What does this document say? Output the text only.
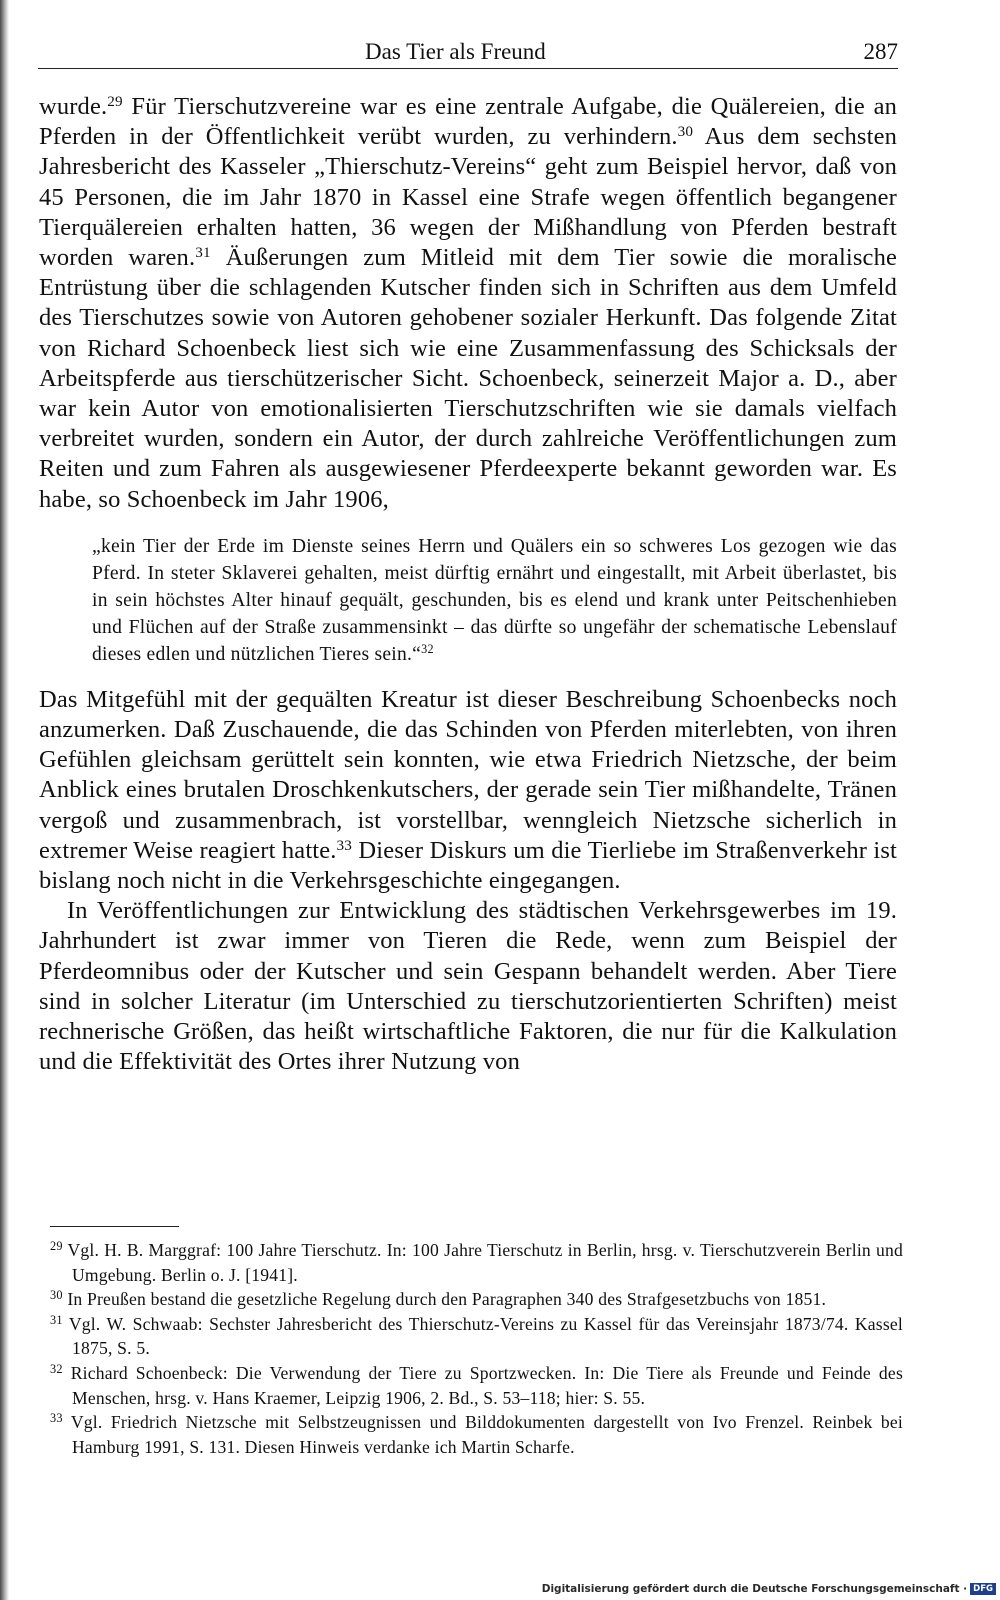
Das Tier als Freund	287

wurde.$^{29}$ Für Tierschutzvereine war es eine zentrale Aufgabe, die Quälereien, die an Pferden in der Öffentlichkeit verübt wurden, zu verhindern.$^{30}$ Aus dem sechsten Jahresbericht des Kasseler „Thierschutz-Vereins“ geht zum Beispiel hervor, daß von 45 Personen, die im Jahr 1870 in Kassel eine Strafe wegen öffentlich begangener Tierquälereien erhalten hatten, 36 wegen der Mißhandlung von Pferden bestraft worden waren.$^{31}$ Äußerungen zum Mitleid mit dem Tier sowie die moralische Entrüstung über die schlagenden Kutscher finden sich in Schriften aus dem Umfeld des Tierschutzes sowie von Autoren gehobener sozialer Herkunft. Das folgende Zitat von Richard Schoenbeck liest sich wie eine Zusammenfassung des Schicksals der Arbeitspferde aus tierschützerischer Sicht. Schoenbeck, seinerzeit Major a. D., aber war kein Autor von emotionalisierten Tierschutzschriften wie sie damals vielfach verbreitet wurden, sondern ein Autor, der durch zahlreiche Veröffentlichungen zum Reiten und zum Fahren als ausgewiesener Pferdeexperte bekannt geworden war. Es habe, so Schoenbeck im Jahr 1906,

„kein Tier der Erde im Dienste seines Herrn und Quälers ein so schweres Los gezogen wie das Pferd. In steter Sklaverei gehalten, meist dürftig ernährt und eingestallt, mit Arbeit überlastet, bis in sein höchstes Alter hinauf gequält, geschunden, bis es elend und krank unter Peitschenhieben und Flüchen auf der Straße zusammensinkt – das dürfte so ungefähr der schematische Lebenslauf dieses edlen und nützlichen Tieres sein.“$^{32}$

Das Mitgefühl mit der gequälten Kreatur ist dieser Beschreibung Schoenbecks noch anzumerken. Daß Zuschauende, die das Schinden von Pferden miterlebten, von ihren Gefühlen gleichsam gerüttelt sein konnten, wie etwa Friedrich Nietzsche, der beim Anblick eines brutalen Droschkenkutschers, der gerade sein Tier mißhandelte, Tränen vergoß und zusammenbrach, ist vorstellbar, wenngleich Nietzsche sicherlich in extremer Weise reagiert hatte.$^{33}$ Dieser Diskurs um die Tierliebe im Straßenverkehr ist bislang noch nicht in die Verkehrsgeschichte eingegangen.

In Veröffentlichungen zur Entwicklung des städtischen Verkehrsgewerbes im 19. Jahrhundert ist zwar immer von Tieren die Rede, wenn zum Beispiel der Pferdeomnibus oder der Kutscher und sein Gespann behandelt werden. Aber Tiere sind in solcher Literatur (im Unterschied zu tierschutzorientierten Schriften) meist rechnerische Größen, das heißt wirtschaftliche Faktoren, die nur für die Kalkulation und die Effektivität des Ortes ihrer Nutzung von

$^{29}$ Vgl. H. B. Marggraf: 100 Jahre Tierschutz. In: 100 Jahre Tierschutz in Berlin, hrsg. v. Tierschutzverein Berlin und Umgebung. Berlin o. J. [1941].

$^{30}$ In Preußen bestand die gesetzliche Regelung durch den Paragraphen 340 des Strafgesetzbuchs von 1851.

$^{31}$ Vgl. W. Schwaab: Sechster Jahresbericht des Thierschutz-Vereins zu Kassel für das Vereinsjahr 1873/74. Kassel 1875, S. 5.

$^{32}$ Richard Schoenbeck: Die Verwendung der Tiere zu Sportzwecken. In: Die Tiere als Freunde und Feinde des Menschen, hrsg. v. Hans Kraemer, Leipzig 1906, 2. Bd., S. 53–118; hier: S. 55.

$^{33}$ Vgl. Friedrich Nietzsche mit Selbstzeugnissen und Bilddokumenten dargestellt von Ivo Frenzel. Reinbek bei Hamburg 1991, S. 131. Diesen Hinweis verdanke ich Martin Scharfe.

Digitalisierung gefördert durch die Deutsche Forschungsgemeinschaft · DFG
